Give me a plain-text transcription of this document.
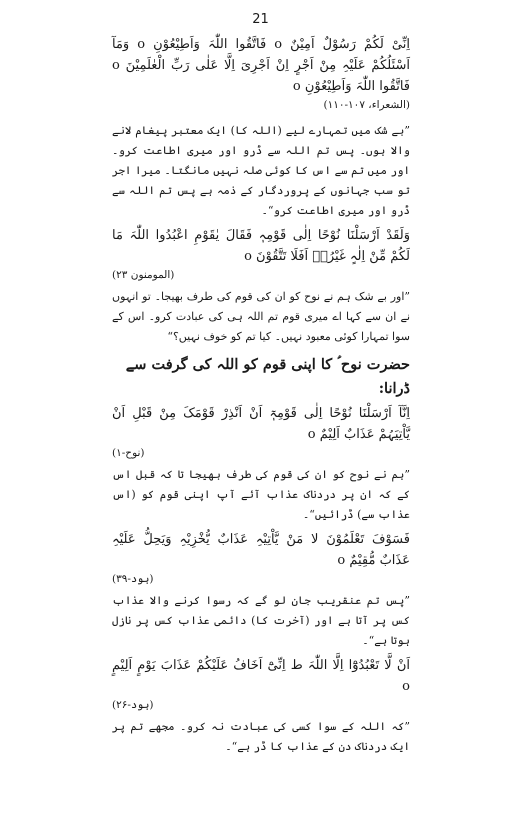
21

اِنِّیْ لَکُمْ رَسُوْلٌ اَمِیْنٌ o فَاتَّقُوا اللّٰہَ وَاَطِیْعُوْنِ o وَمَآ اَسْئَلُکُمْ عَلَیْہِ مِنْ اَجْرٍ اِنْ اَجْرِیَ اِلَّا عَلٰی رَبِّ الْعٰلَمِیْنَ o فَاتَّقُوا اللّٰہَ وَاَطِیْعُوْنِ o

(الشعراء، ۱۰۷-۱۱۰)

”بے شک میں تمہارے لیے (اللہ کا) ایک معتبر پیغام لانے والا ہوں۔ پس تم اللہ سے ڈرو اور میری اطاعت کرو۔ اور میں تم سے اس کا کوئی صلہ نہیں مانگتا۔ میرا اجر تو سب جہانوں کے پروردگار کے ذمہ ہے پس تم اللہ سے ڈرو اور میری اطاعت کرو“۔

وَلَقَدْ اَرْسَلْنَا نُوْحًا اِلٰی قَوْمِہٖ فَقَالَ یٰقَوْمِ اعْبُدُوا اللّٰہَ مَا لَکُمْ مِّنْ اِلٰہٍ غَیْرُہٗ اَفَلَا تَتَّقُوْنَ o

(المومنون ۲۳)

”اور بے شک ہم نے نوح کو ان کی قوم کی طرف بھیجا۔ تو انہوں نے ان سے کہا اے میری قوم تم اللہ ہی کی عبادت کرو۔ اس کے سوا تمہارا کوئی معبود نہیں۔ کیا تم کو خوف نہیں؟“

حضرت نوح ؑ کا اپنی قوم کو اللہ کی گرفت سے ڈرانا:

اِنَّآ اَرْسَلْنَا نُوْحًا اِلٰی قَوْمِہٖٓ اَنْ اَنْذِرْ قَوْمَکَ مِنْ قَبْلِ اَنْ یَّاْتِیَہُمْ عَذَابٌ اَلِیْمٌ o

(نوح-۱)

”ہم نے نوح کو ان کی قوم کی طرف بھیجا تا کہ قبل اس کے کہ ان پر دردناک عذاب آئے آپ اپنی قوم کو (اس عذاب سے) ڈرائیں“۔

فَسَوْفَ تَعْلَمُوْنَ لا مَنْ یَّاْتِیْہِ عَذَابٌ یُّخْزِیْہِ وَیَحِلُّ عَلَیْہِ عَذَابٌ مُّقِیْمٌ o

(ہود-۳۹)

”پس تم عنقریب جان لو گے کہ رسوا کرنے والا عذاب کس پر آتا ہے اور (آخرت کا) دائمی عذاب کس پر نازل ہوتا ہے“۔

اَنْ لَّا تَعْبُدُوْٓا اِلَّا اللّٰہَ ط اِنِّیْٓ اَخَافُ عَلَیْکُمْ عَذَابَ یَوْمٍ اَلِیْمٍ o

(ہود-۲۶)

”کہ اللہ کے سوا کسی کی عبادت نہ کرو۔ مجھے تم پر ایک دردناک دن کے عذاب کا ڈر ہے“۔
